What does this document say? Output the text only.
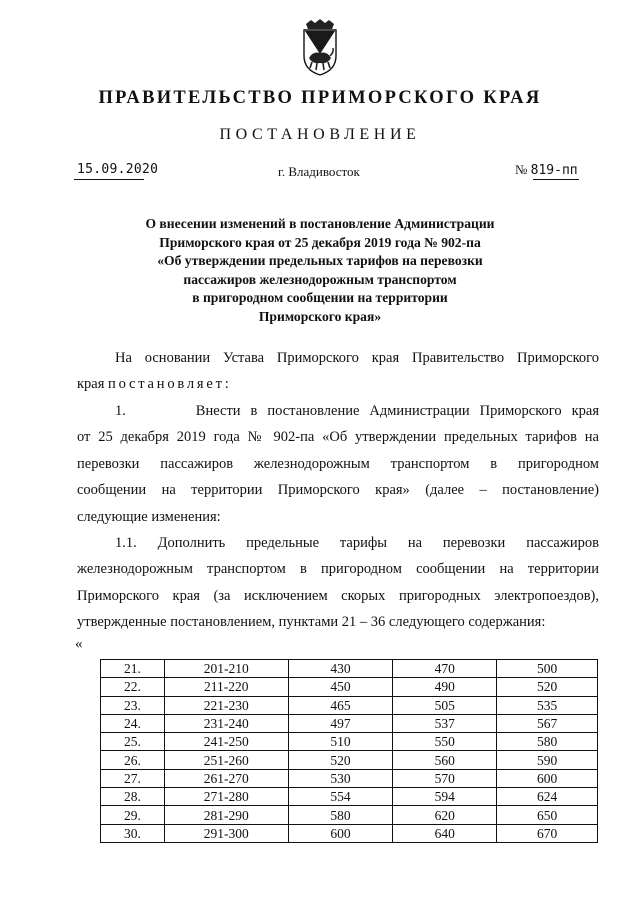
ПРАВИТЕЛЬСТВО ПРИМОРСКОГО КРАЯ
ПОСТАНОВЛЕНИЕ
15.09.2020	г. Владивосток	№ 819-пп
О внесении изменений в постановление Администрации
Приморского края от 25 декабря 2019 года № 902-па
«Об утверждении предельных тарифов на перевозки
пассажиров железнодорожным транспортом
в пригородном сообщении на территории
Приморского края»

На основании Устава Приморского края Правительство Приморского

края постановляет:

1.       Внести в постановление Администрации Приморского края

от 25 декабря 2019 года № 902-па «Об утверждении предельных тарифов на

перевозки пассажиров железнодорожным транспортом в пригородном

сообщении на территории Приморского края» (далее – постановление)

следующие изменения:

1.1. Дополнить предельные тарифы на перевозки пассажиров

железнодорожным транспортом в пригородном сообщении на территории

Приморского края (за исключением скорых пригородных электропоездов),

утвержденные постановлением, пунктами 21 – 36 следующего содержания:

«
21.	201-210	430	470	500
22.	211-220	450	490	520
23.	221-230	465	505	535
24.	231-240	497	537	567
25.	241-250	510	550	580
26.	251-260	520	560	590
27.	261-270	530	570	600
28.	271-280	554	594	624
29.	281-290	580	620	650
30.	291-300	600	640	670
